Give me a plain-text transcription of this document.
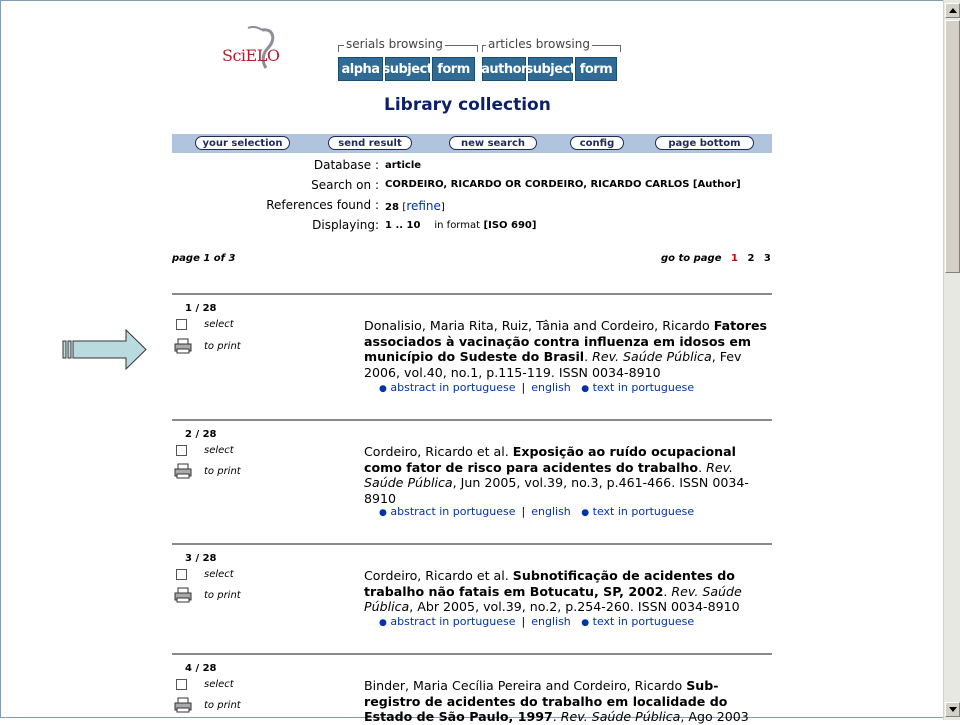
SciELO
serials browsing
alpha subject form
articles browsing
author
subject form
Library collection
your selection	send result	new search	config	page bottom
Database : article
Search on : CORDEIRO, RICARDO OR CORDEIRO, RICARDO CARLOS [Author]
References found : 28 [refine]
Displaying: 1 .. 10 in format [ISO 690]
page 1 of 3	go to page 1 2 3
1 / 28
select
to print
Donalisio, Maria Rita, Ruiz, Tânia and Cordeiro, Ricardo Fatores associados à vacinação contra influenza em idosos em município do Sudeste do Brasil. Rev. Saúde Pública, Fev 2006, vol.40, no.1, p.115-119. ISSN 0034-8910
● abstract in portuguese | english ● text in portuguese
2 / 28
select
to print
Cordeiro, Ricardo et al. Exposição ao ruído ocupacional como fator de risco para acidentes do trabalho. Rev. Saúde Pública, Jun 2005, vol.39, no.3, p.461-466. ISSN 0034-8910
● abstract in portuguese | english ● text in portuguese
3 / 28
select
to print
Cordeiro, Ricardo et al. Subnotificação de acidentes do trabalho não fatais em Botucatu, SP, 2002. Rev. Saúde Pública, Abr 2005, vol.39, no.2, p.254-260. ISSN 0034-8910
● abstract in portuguese | english ● text in portuguese
4 / 28
select
to print
Binder, Maria Cecília Pereira and Cordeiro, Ricardo Sub-registro de acidentes do trabalho em localidade do Estado de São Paulo, 1997. Rev. Saúde Pública, Ago 2003
